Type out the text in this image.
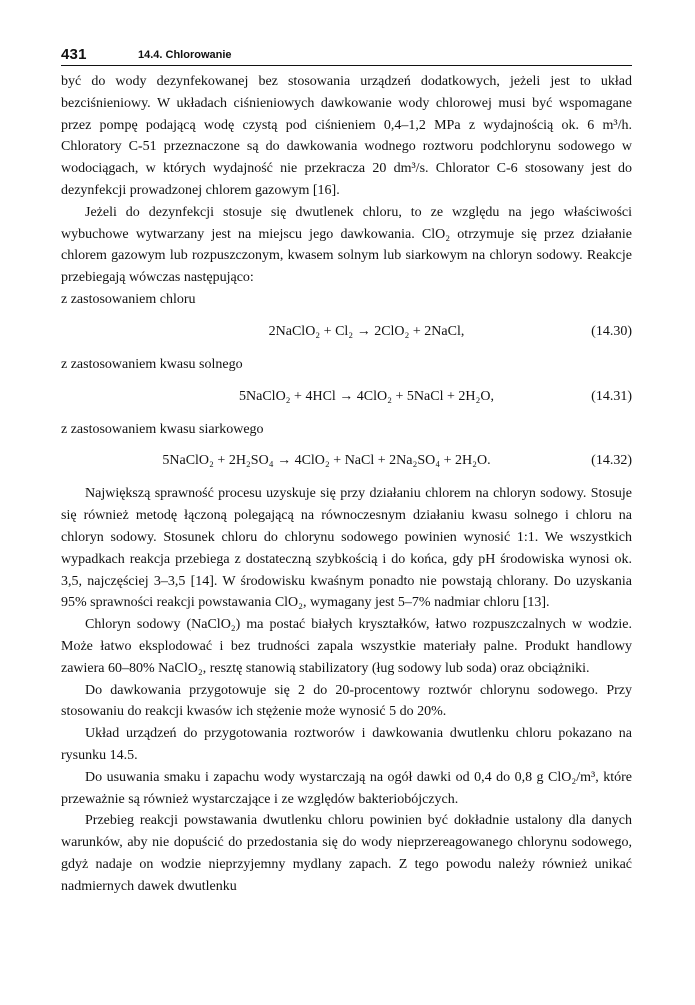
431	14.4. Chlorowanie

być do wody dezynfekowanej bez stosowania urządzeń dodatkowych, jeżeli jest to układ bezciśnieniowy. W układach ciśnieniowych dawkowanie wody chlorowej musi być wspomagane przez pompę podającą wodę czystą pod ciśnieniem 0,4–1,2 MPa z wydajnością ok. 6 m³/h. Chloratory C-51 przeznaczone są do dawkowania wodnego roztworu podchlorynu sodowego w wodociągach, w których wydajność nie przekracza 20 dm³/s. Chlorator C-6 stosowany jest do dezynfekcji prowadzonej chlorem gazowym [16].

Jeżeli do dezynfekcji stosuje się dwutlenek chloru, to ze względu na jego właściwości wybuchowe wytwarzany jest na miejscu jego dawkowania. ClO₂ otrzymuje się przez działanie chlorem gazowym lub rozpuszczonym, kwasem solnym lub siarkowym na chloryn sodowy. Reakcje przebiegają wówczas następująco:

z zastosowaniem chloru

2NaClO₂ + Cl₂ → 2ClO₂ + 2NaCl,	(14.30)

z zastosowaniem kwasu solnego

5NaClO₂ + 4HCl → 4ClO₂ + 5NaCl + 2H₂O,	(14.31)

z zastosowaniem kwasu siarkowego

5NaClO₂ + 2H₂SO₄ → 4ClO₂ + NaCl + 2Na₂SO₄ + 2H₂O.	(14.32)

Największą sprawność procesu uzyskuje się przy działaniu chlorem na chloryn sodowy. Stosuje się również metodę łączoną polegającą na równoczesnym działaniu kwasu solnego i chloru na chloryn sodowy. Stosunek chloru do chlorynu sodowego powinien wynosić 1:1. We wszystkich wypadkach reakcja przebiega z dostateczną szybkością i do końca, gdy pH środowiska wynosi ok. 3,5, najczęściej 3–3,5 [14]. W środowisku kwaśnym ponadto nie powstają chlorany. Do uzyskania 95% sprawności reakcji powstawania ClO₂, wymagany jest 5–7% nadmiar chloru [13].

Chloryn sodowy (NaClO₂) ma postać białych kryształków, łatwo rozpuszczalnych w wodzie. Może łatwo eksplodować i bez trudności zapala wszystkie materiały palne. Produkt handlowy zawiera 60–80% NaClO₂, resztę stanowią stabilizatory (ług sodowy lub soda) oraz obciążniki.

Do dawkowania przygotowuje się 2 do 20-procentowy roztwór chlorynu sodowego. Przy stosowaniu do reakcji kwasów ich stężenie może wynosić 5 do 20%.

Układ urządzeń do przygotowania roztworów i dawkowania dwutlenku chloru pokazano na rysunku 14.5.

Do usuwania smaku i zapachu wody wystarczają na ogół dawki od 0,4 do 0,8 g ClO₂/m³, które przeważnie są również wystarczające i ze względów bakteriobójczych.

Przebieg reakcji powstawania dwutlenku chloru powinien być dokładnie ustalony dla danych warunków, aby nie dopuścić do przedostania się do wody nieprzereagowanego chlorynu sodowego, gdyż nadaje on wodzie nieprzyjemny mydlany zapach. Z tego powodu należy również unikać nadmiernych dawek dwutlenku
